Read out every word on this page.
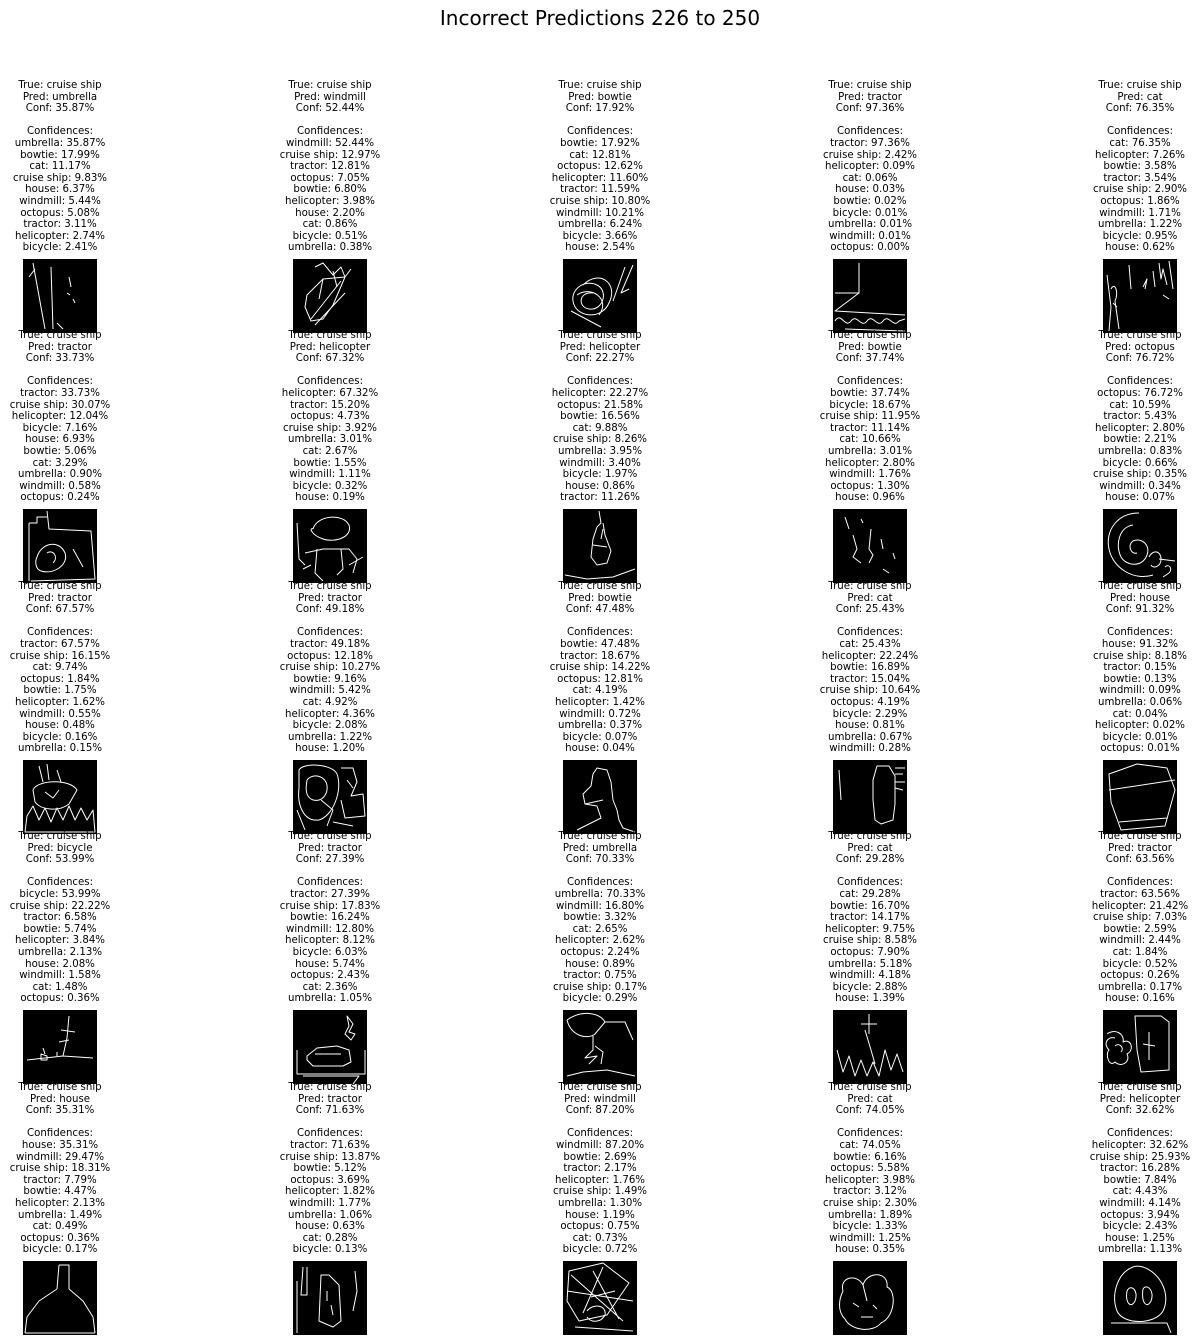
Incorrect Predictions 226 to 250
True: cruise ship
Pred: umbrella
Conf: 35.87%
Confidences:
umbrella: 35.87%
bowtie: 17.99%
cat: 11.17%
cruise ship: 9.83%
house: 6.37%
windmill: 5.44%
octopus: 5.08%
tractor: 3.11%
helicopter: 2.74%
bicycle: 2.41%
True: cruise ship
Pred: windmill
Conf: 52.44%
Confidences:
windmill: 52.44%
cruise ship: 12.97%
tractor: 12.81%
octopus: 7.05%
bowtie: 6.80%
helicopter: 3.98%
house: 2.20%
cat: 0.86%
bicycle: 0.51%
umbrella: 0.38%
True: cruise ship
Pred: bowtie
Conf: 17.92%
Confidences:
bowtie: 17.92%
cat: 12.81%
octopus: 12.62%
helicopter: 11.60%
tractor: 11.59%
cruise ship: 10.80%
windmill: 10.21%
umbrella: 6.24%
bicycle: 3.66%
house: 2.54%
True: cruise ship
Pred: tractor
Conf: 97.36%
Confidences:
tractor: 97.36%
cruise ship: 2.42%
helicopter: 0.09%
cat: 0.06%
house: 0.03%
bowtie: 0.02%
bicycle: 0.01%
umbrella: 0.01%
windmill: 0.01%
octopus: 0.00%
True: cruise ship
Pred: cat
Conf: 76.35%
Confidences:
cat: 76.35%
helicopter: 7.26%
bowtie: 3.58%
tractor: 3.54%
cruise ship: 2.90%
octopus: 1.86%
windmill: 1.71%
umbrella: 1.22%
bicycle: 0.95%
house: 0.62%
True: cruise ship
Pred: tractor
Conf: 33.73%
Confidences:
tractor: 33.73%
cruise ship: 30.07%
helicopter: 12.04%
bicycle: 7.16%
house: 6.93%
bowtie: 5.06%
cat: 3.29%
umbrella: 0.90%
windmill: 0.58%
octopus: 0.24%
True: cruise ship
Pred: helicopter
Conf: 67.32%
Confidences:
helicopter: 67.32%
tractor: 15.20%
octopus: 4.73%
cruise ship: 3.92%
umbrella: 3.01%
cat: 2.67%
bowtie: 1.55%
windmill: 1.11%
bicycle: 0.32%
house: 0.19%
True: cruise ship
Pred: helicopter
Conf: 22.27%
Confidences:
helicopter: 22.27%
octopus: 21.58%
bowtie: 16.56%
cat: 9.88%
cruise ship: 8.26%
umbrella: 3.95%
windmill: 3.40%
bicycle: 1.97%
house: 0.86%
tractor: 11.26%
True: cruise ship
Pred: bowtie
Conf: 37.74%
Confidences:
bowtie: 37.74%
bicycle: 18.67%
cruise ship: 11.95%
tractor: 11.14%
cat: 10.66%
umbrella: 3.01%
helicopter: 2.80%
windmill: 1.76%
octopus: 1.30%
house: 0.96%
True: cruise ship
Pred: octopus
Conf: 76.72%
Confidences:
octopus: 76.72%
cat: 10.59%
tractor: 5.43%
helicopter: 2.80%
bowtie: 2.21%
umbrella: 0.83%
bicycle: 0.66%
cruise ship: 0.35%
windmill: 0.34%
house: 0.07%
True: cruise ship
Pred: tractor
Conf: 67.57%
Confidences:
tractor: 67.57%
cruise ship: 16.15%
cat: 9.74%
octopus: 1.84%
bowtie: 1.75%
helicopter: 1.62%
windmill: 0.55%
house: 0.48%
bicycle: 0.16%
umbrella: 0.15%
True: cruise ship
Pred: tractor
Conf: 49.18%
Confidences:
tractor: 49.18%
octopus: 12.18%
cruise ship: 10.27%
bowtie: 9.16%
windmill: 5.42%
cat: 4.92%
helicopter: 4.36%
bicycle: 2.08%
umbrella: 1.22%
house: 1.20%
True: cruise ship
Pred: bowtie
Conf: 47.48%
Confidences:
bowtie: 47.48%
tractor: 18.67%
cruise ship: 14.22%
octopus: 12.81%
cat: 4.19%
helicopter: 1.42%
windmill: 0.72%
umbrella: 0.37%
bicycle: 0.07%
house: 0.04%
True: cruise ship
Pred: cat
Conf: 25.43%
Confidences:
cat: 25.43%
helicopter: 22.24%
bowtie: 16.89%
tractor: 15.04%
cruise ship: 10.64%
octopus: 4.19%
bicycle: 2.29%
house: 0.81%
umbrella: 0.67%
windmill: 0.28%
True: cruise ship
Pred: house
Conf: 91.32%
Confidences:
house: 91.32%
cruise ship: 8.18%
tractor: 0.15%
bowtie: 0.13%
windmill: 0.09%
umbrella: 0.06%
cat: 0.04%
helicopter: 0.02%
bicycle: 0.01%
octopus: 0.01%
True: cruise ship
Pred: bicycle
Conf: 53.99%
Confidences:
bicycle: 53.99%
cruise ship: 22.22%
tractor: 6.58%
bowtie: 5.74%
helicopter: 3.84%
umbrella: 2.13%
house: 2.08%
windmill: 1.58%
cat: 1.48%
octopus: 0.36%
True: cruise ship
Pred: tractor
Conf: 27.39%
Confidences:
tractor: 27.39%
cruise ship: 17.83%
bowtie: 16.24%
windmill: 12.80%
helicopter: 8.12%
bicycle: 6.03%
house: 5.74%
octopus: 2.43%
cat: 2.36%
umbrella: 1.05%
True: cruise ship
Pred: umbrella
Conf: 70.33%
Confidences:
umbrella: 70.33%
windmill: 16.80%
bowtie: 3.32%
cat: 2.65%
helicopter: 2.62%
octopus: 2.24%
house: 0.89%
tractor: 0.75%
cruise ship: 0.17%
bicycle: 0.29%
True: cruise ship
Pred: cat
Conf: 29.28%
Confidences:
cat: 29.28%
bowtie: 16.70%
tractor: 14.17%
helicopter: 9.75%
cruise ship: 8.58%
octopus: 7.90%
umbrella: 5.18%
windmill: 4.18%
bicycle: 2.88%
house: 1.39%
True: cruise ship
Pred: tractor
Conf: 63.56%
Confidences:
tractor: 63.56%
helicopter: 21.42%
cruise ship: 7.03%
bowtie: 2.59%
windmill: 2.44%
cat: 1.84%
bicycle: 0.52%
octopus: 0.26%
umbrella: 0.17%
house: 0.16%
True: cruise ship
Pred: house
Conf: 35.31%
Confidences:
house: 35.31%
windmill: 29.47%
cruise ship: 18.31%
tractor: 7.79%
bowtie: 4.47%
helicopter: 2.13%
umbrella: 1.49%
cat: 0.49%
octopus: 0.36%
bicycle: 0.17%
True: cruise ship
Pred: tractor
Conf: 71.63%
Confidences:
tractor: 71.63%
cruise ship: 13.87%
bowtie: 5.12%
octopus: 3.69%
helicopter: 1.82%
windmill: 1.77%
umbrella: 1.06%
house: 0.63%
cat: 0.28%
bicycle: 0.13%
True: cruise ship
Pred: windmill
Conf: 87.20%
Confidences:
windmill: 87.20%
bowtie: 2.69%
tractor: 2.17%
helicopter: 1.76%
cruise ship: 1.49%
umbrella: 1.30%
house: 1.19%
octopus: 0.75%
cat: 0.73%
bicycle: 0.72%
True: cruise ship
Pred: cat
Conf: 74.05%
Confidences:
cat: 74.05%
bowtie: 6.16%
octopus: 5.58%
helicopter: 3.98%
tractor: 3.12%
cruise ship: 2.30%
umbrella: 1.89%
bicycle: 1.33%
windmill: 1.25%
house: 0.35%
True: cruise ship
Pred: helicopter
Conf: 32.62%
Confidences:
helicopter: 32.62%
cruise ship: 25.93%
tractor: 16.28%
bowtie: 7.84%
cat: 4.43%
windmill: 4.14%
octopus: 3.94%
bicycle: 2.43%
house: 1.25%
umbrella: 1.13%
